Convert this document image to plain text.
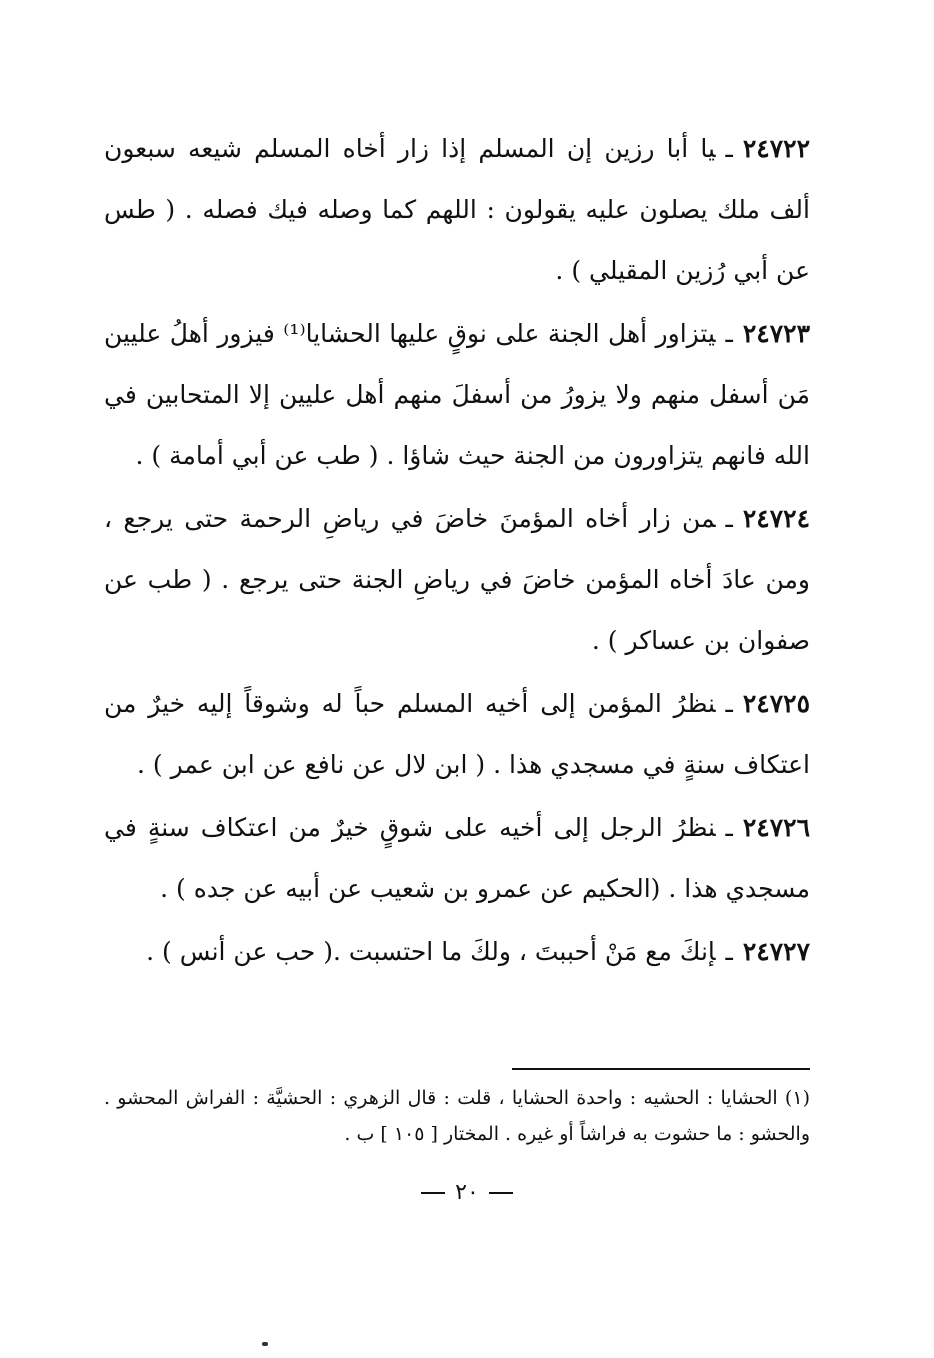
٢٤٧٢٢ـيا أبا رزين إن المسلم إذا زار أخاه المسلم شيعه سبعون ألف ملك يصلون عليه يقولون : اللهم كما وصله فيك فصله . ( طس عن أبي رُزين المقيلي ) .

٢٤٧٢٣ـيتزاور أهل الجنة على نوقٍ عليها الحشايا⁽¹⁾ فيزور أهلُ عليين مَن أسفل منهم ولا يزورُ من أسفلَ منهم أهل عليين إلا المتحابين في الله فانهم يتزاورون من الجنة حيث شاؤا . ( طب عن أبي أمامة ) .

٢٤٧٢٤ـمن زار أخاه المؤمنَ خاضَ في رياضِ الرحمة حتى يرجع ، ومن عادَ أخاه المؤمن خاضَ في رياضِ الجنة حتى يرجع . ( طب عن صفوان بن عساكر ) .

٢٤٧٢٥ـنظرُ المؤمن إلى أخيه المسلم حباً له وشوقاً إليه خيرٌ من اعتكاف سنةٍ في مسجدي هذا . ( ابن لال عن نافع عن ابن عمر ) .

٢٤٧٢٦ـنظرُ الرجل إلى أخيه على شوقٍ خيرٌ من اعتكاف سنةٍ في مسجدي هذا . (الحكيم عن عمرو بن شعيب عن أبيه عن جده ) .

٢٤٧٢٧ـإنكَ مع مَنْ أحببتَ ، ولكَ ما احتسبت .( حب عن أنس ) .

(١) الحشايا : الحشيه : واحدة الحشايا ، قلت : قال الزهري : الحشيَّة : الفراش المحشو . والحشو : ما حشوت به فراشاً أو غيره . المختار [ ١٠٥ ] ب .
٢٠
